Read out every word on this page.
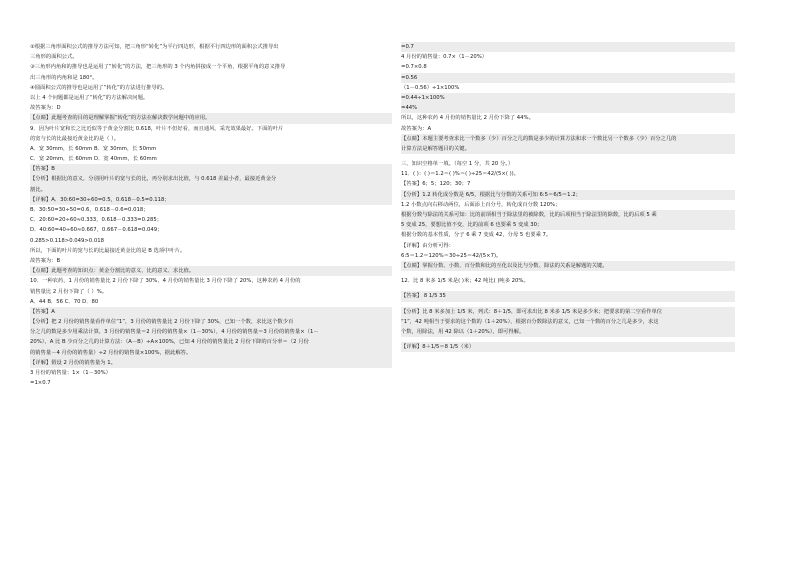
②根据三角形面积公式的推导方法可知，把三角形“转化”为平行四边形，根据平行四边形的面积公式推导出
三角形的面积公式。
③三角形内角和的推导也是运用了“转化”的方法，把三角形的 3 个内角拼接成一个平角，根据平角的意义推导
出三角形的内角和是 180°。
④圆面积公式的推导也是运用了“转化”的方法进行推导的。
以上 4 个问题都是运用了“转化”的方法解决问题。
故答案为：D
【点睛】此题考查的目的是理解掌握“转化”的方法在解决数学问题中的应用。
9．因为叶片宽和长之比近似等于黄金分割比 0.618，叶片不但好看，而且通风、采光效果最好。下面的叶片
的宽与长的比最接近黄金比的是（ ）。
A．宽 30mm，长 60mm B．宽 30mm，长 50mm
C．宽 20mm，长 60mm D．宽 40mm，长 60mm
【答案】B
【分析】根据比的意义，分别用叶片的宽与长的比，再分别求出比值，与 0.618 差最小者，最接近黄金分
割比。
【详解】A．30:60=30÷60=0.5，0.618－0.5=0.118；
B．30:50=30÷50=0.6，0.618－0.6=0.018；
C．20:60=20÷60≈0.333，0.618－0.333=0.285；
D．40:60=40÷60≈0.667，0.667－0.618=0.049；
0.285>0.118>0.049>0.018
所以，下面的叶片的宽与长的比最接近黄金比的是 B 选项中叶片。
故答案为：B
【点睛】此题考查的知识点：黄金分割比的意义、比的意义、求比值。
10．一种农药，1 月份的销售量比 2 月份下降了 30%，4 月份的销售量比 3 月份下降了 20%，这种农药 4 月份的
销售量比 2 月份下降了（ ）%。
A．44 B．56 C．70 D．80
【答案】A
【分析】把 2 月份的销售量看作单位“1”，3 月份的销售量比 2 月份下降了 30%，已知一个数，求比这个数少百
分之几的数是多少用乘法计算，3 月份的销售量＝2 月份的销售量×（1－30%），4 月份的销售量＝3 月份的销售量×（1－
20%），A 比 B 少百分之几的计算方法：（A－B）÷A×100%，已知 4 月份的销售量比 2 月份下降的百分率＝（2 月份
的销售量－4 月份的销售量）÷2 月份的销售量×100%，据此解答。
【详解】假设 2 月份的销售量为 1。
3 月份的销售量：1×（1－30%）
=1×0.7
=0.7
4 月份的销售量：0.7×（1－20%）
=0.7×0.8
=0.56
（1－0.56）÷1×100%
=0.44÷1×100%
=44%
所以，这种农药 4 月份的销售量比 2 月份下降了 44%。
故答案为：A
【点睛】本题主要考查求比一个数多（少）百分之几的数是多少的计算方法和求一个数比另一个数多（少）百分之几的
计算方法是解答题目的关键。
三、知识空格单一填。（每空 1 分，共 20 分。）
11．( )：( )＝1.2＝( )%＝( )÷25＝42/(5×( ))。
【答案】6；5；120；30；7
【分析】1.2 转化成分数是 6/5，根据比与分数的关系可知 6:5＝6/5＝1.2；
1.2 小数点向右移动两位，后面添上百分号，转化成百分数 120%；
根据分数与除法的关系可知：比的前项相当于除法里的被除数，比的后项相当于除法里的除数，比的后项 5 乘
5 变成 25，要想比值不变，比的前项 6 也要乘 5 变成 30；
根据分数的基本性质，分子 6 乘 7 变成 42，分母 5 也要乘 7。
【详解】由分析可得：
6:5＝1.2＝120%＝30÷25＝42/(5×7)。
【点睛】掌握分数、小数、百分数和比的互化以及比与分数、除法的关系是解题的关键。
12．比 8 米多 1/5 米是( )米；42 吨比( )吨多 20%。
【答案】 8 1/5 35
【分析】比 8 米多加上 1/5 米，列式：8＋1/5，即可求出比 8 米多 1/5 米是多少米；把要求的第二空看作单位
“1”，42 吨相当于要求的这个数的（1＋20%），根据百分数除法的意义，已知一个数的百分之几是多少，求这
个数，用除法，用 42 除以（1＋20%），即可得解。
【详解】8＋1/5＝8 1/5（米）
